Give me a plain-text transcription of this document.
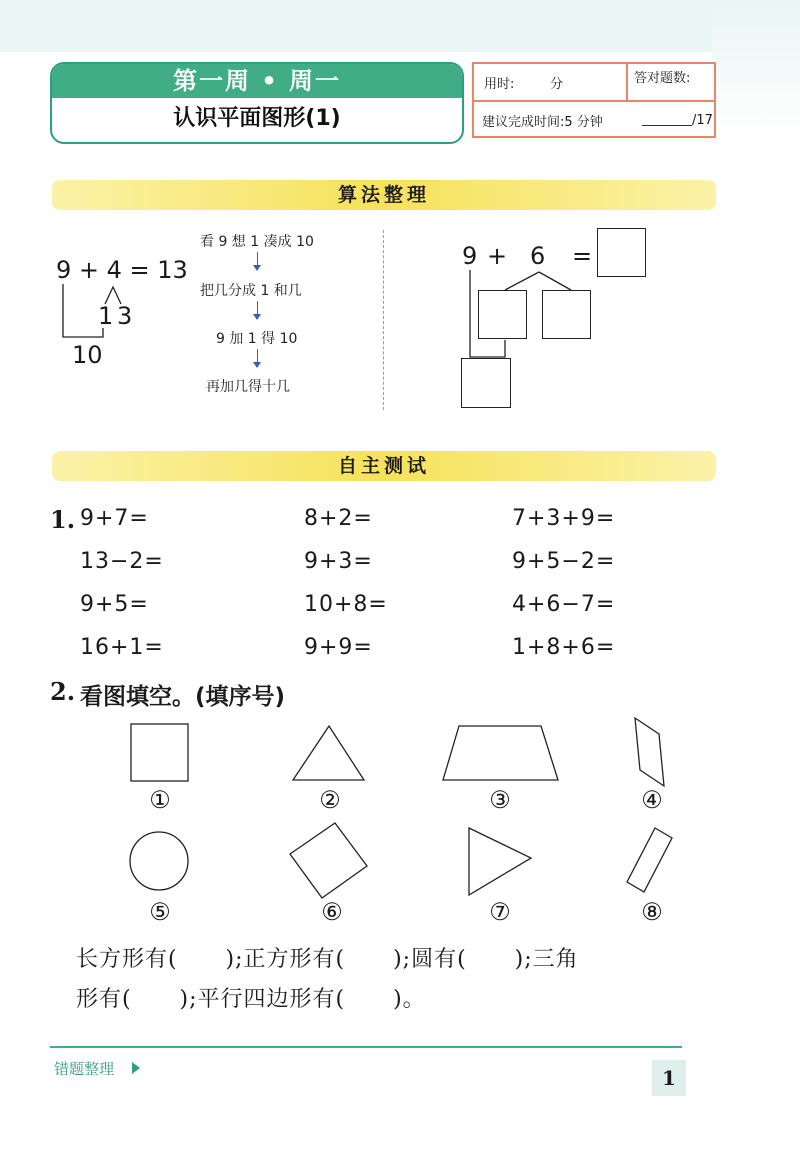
第一周 • 周一
认识平面图形(1)
用时:	分	答对题数:
建议完成时间:5 分钟	/17
算法整理
9 + 4 = 13
1 3
10
看 9 想 1 凑成 10
把几分成 1 和几
9 加 1 得 10
再加几得十几
9 + 6 =
自主测试
1. 9+7=	8+2=	7+3+9=
13−2=	9+3=	9+5−2=
9+5=	10+8=	4+6−7=
16+1=	9+9=	1+8+6=
2. 看图填空。(填序号)
①	②	③	④
⑤	⑥	⑦	⑧
长方形有(      );正方形有(      );圆有(      );三角
形有(      );平行四边形有(      )。
错题整理	1
